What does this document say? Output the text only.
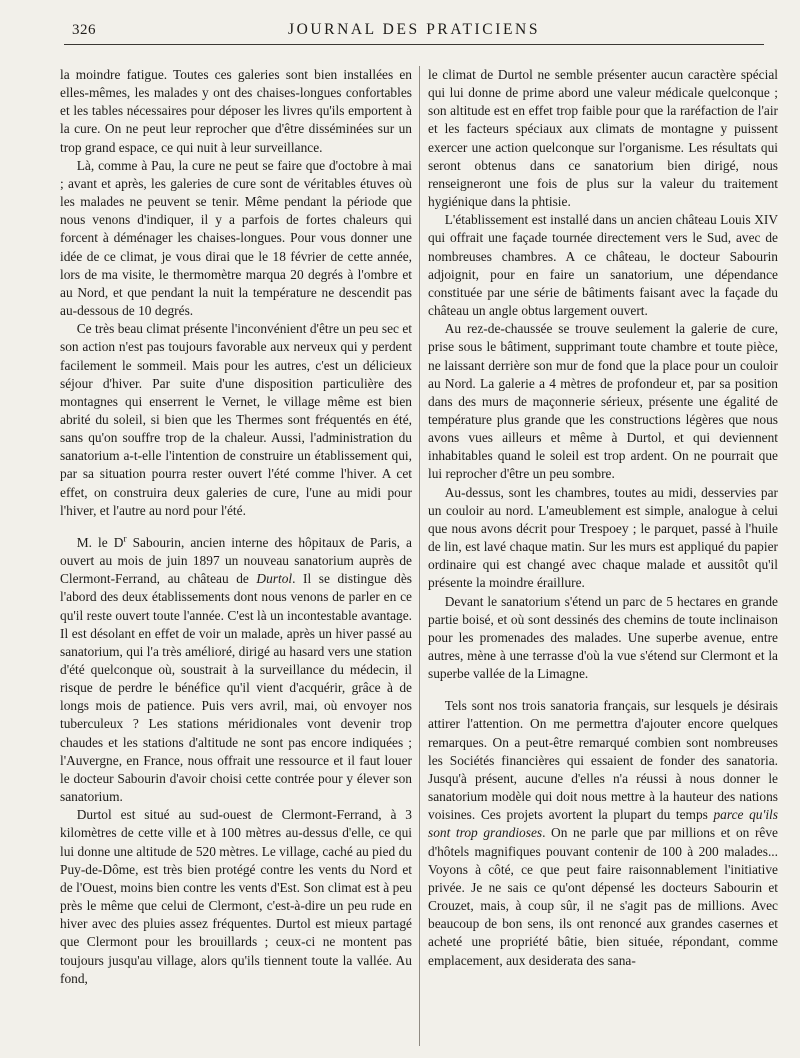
326	JOURNAL DES PRATICIENS

la moindre fatigue. Toutes ces galeries sont bien installées en elles-mêmes, les malades y ont des chaises-longues confortables et les tables nécessaires pour déposer les livres qu'ils emportent à la cure. On ne peut leur reprocher que d'être disséminées sur un trop grand espace, ce qui nuit à leur surveillance.

Là, comme à Pau, la cure ne peut se faire que d'octobre à mai ; avant et après, les galeries de cure sont de véritables étuves où les malades ne peuvent se tenir. Même pendant la période que nous venons d'indiquer, il y a parfois de fortes chaleurs qui forcent à déménager les chaises-longues. Pour vous donner une idée de ce climat, je vous dirai que le 18 février de cette année, lors de ma visite, le thermomètre marqua 20 degrés à l'ombre et au Nord, et que pendant la nuit la température ne descendit pas au-dessous de 10 degrés.

Ce très beau climat présente l'inconvénient d'être un peu sec et son action n'est pas toujours favorable aux nerveux qui y perdent facilement le sommeil. Mais pour les autres, c'est un délicieux séjour d'hiver. Par suite d'une disposition particulière des montagnes qui enserrent le Vernet, le village même est bien abrité du soleil, si bien que les Thermes sont fréquentés en été, sans qu'on souffre trop de la chaleur. Aussi, l'administration du sanatorium a-t-elle l'intention de construire un établissement qui, par sa situation pourra rester ouvert l'été comme l'hiver. A cet effet, on construira deux galeries de cure, l'une au midi pour l'hiver, et l'autre au nord pour l'été.

M. le $D^r$ Sabourin, ancien interne des hôpitaux de Paris, a ouvert au mois de juin 1897 un nouveau sanatorium auprès de Clermont-Ferrand, au château de Durtol. Il se distingue dès l'abord des deux établissements dont nous venons de parler en ce qu'il reste ouvert toute l'année. C'est là un incontestable avantage. Il est désolant en effet de voir un malade, après un hiver passé au sanatorium, qui l'a très amélioré, dirigé au hasard vers une station d'été quelconque où, soustrait à la surveillance du médecin, il risque de perdre le bénéfice qu'il vient d'acquérir, grâce à de longs mois de patience. Puis vers avril, mai, où envoyer nos tuberculeux ? Les stations méridionales vont devenir trop chaudes et les stations d'altitude ne sont pas encore indiquées ; l'Auvergne, en France, nous offrait une ressource et il faut louer le docteur Sabourin d'avoir choisi cette contrée pour y élever son sanatorium.

Durtol est situé au sud-ouest de Clermont-Ferrand, à 3 kilomètres de cette ville et à 100 mètres au-dessus d'elle, ce qui lui donne une altitude de 520 mètres. Le village, caché au pied du Puy-de-Dôme, est très bien protégé contre les vents du Nord et de l'Ouest, moins bien contre les vents d'Est. Son climat est à peu près le même que celui de Clermont, c'est-à-dire un peu rude en hiver avec des pluies assez fréquentes. Durtol est mieux partagé que Clermont pour les brouillards ; ceux-ci ne montent pas toujours jusqu'au village, alors qu'ils tiennent toute la vallée. Au fond,

le climat de Durtol ne semble présenter aucun caractère spécial qui lui donne de prime abord une valeur médicale quelconque ; son altitude est en effet trop faible pour que la raréfaction de l'air et les facteurs spéciaux aux climats de montagne y puissent exercer une action quelconque sur l'organisme. Les résultats qui seront obtenus dans ce sanatorium bien dirigé, nous renseigneront une fois de plus sur la valeur du traitement hygiénique dans la phtisie.

L'établissement est installé dans un ancien château Louis XIV qui offrait une façade tournée directement vers le Sud, avec de nombreuses chambres. A ce château, le docteur Sabourin adjoignit, pour en faire un sanatorium, une dépendance constituée par une série de bâtiments faisant avec la façade du château un angle obtus largement ouvert.

Au rez-de-chaussée se trouve seulement la galerie de cure, prise sous le bâtiment, supprimant toute chambre et toute pièce, ne laissant derrière son mur de fond que la place pour un couloir au Nord. La galerie a 4 mètres de profondeur et, par sa position dans des murs de maçonnerie sérieux, présente une égalité de température plus grande que les constructions légères que nous avons vues ailleurs et même à Durtol, et qui deviennent inhabitables quand le soleil est trop ardent. On ne pourrait que lui reprocher d'être un peu sombre.

Au-dessus, sont les chambres, toutes au midi, desservies par un couloir au nord. L'ameublement est simple, analogue à celui que nous avons décrit pour Trespoey ; le parquet, passé à l'huile de lin, est lavé chaque matin. Sur les murs est appliqué du papier ordinaire qui est changé avec chaque malade et aussitôt qu'il présente la moindre éraillure.

Devant le sanatorium s'étend un parc de 5 hectares en grande partie boisé, et où sont dessinés des chemins de toute inclinaison pour les promenades des malades. Une superbe avenue, entre autres, mène à une terrasse d'où la vue s'étend sur Clermont et la superbe vallée de la Limagne.

Tels sont nos trois sanatoria français, sur lesquels je désirais attirer l'attention. On me permettra d'ajouter encore quelques remarques. On a peut-être remarqué combien sont nombreuses les Sociétés financières qui essaient de fonder des sanatoria. Jusqu'à présent, aucune d'elles n'a réussi à nous donner le sanatorium modèle qui doit nous mettre à la hauteur des nations voisines. Ces projets avortent la plupart du temps parce qu'ils sont trop grandioses. On ne parle que par millions et on rêve d'hôtels magnifiques pouvant contenir de 100 à 200 malades... Voyons à côté, ce que peut faire raisonnablement l'initiative privée. Je ne sais ce qu'ont dépensé les docteurs Sabourin et Crouzet, mais, à coup sûr, il ne s'agit pas de millions. Avec beaucoup de bon sens, ils ont renoncé aux grandes casernes et acheté une propriété bâtie, bien située, répondant, comme emplacement, aux desiderata des sana-
